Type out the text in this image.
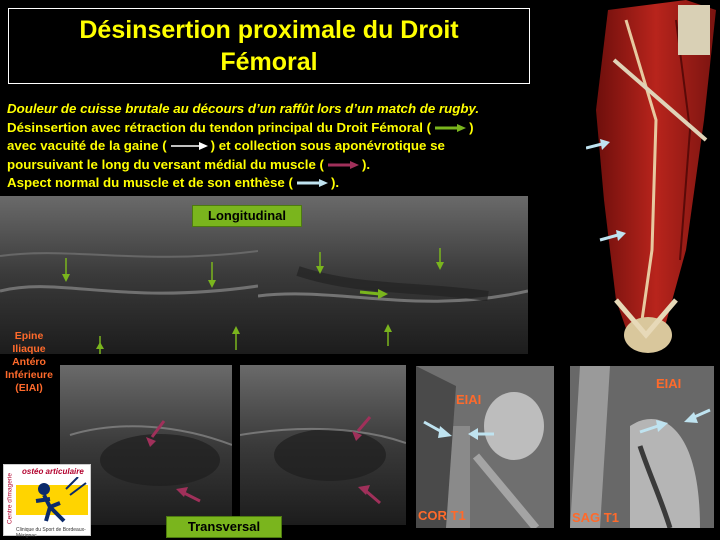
Désinsertion proximale du Droit
Fémoral
Douleur de cuisse brutale au décours d’un raffût lors d’un match de rugby.
Désinsertion avec rétraction du tendon principal du Droit Fémoral (	)
avec vacuité de la gaine (	) et collection sous aponévrotique se
poursuivant le long du versant médial du muscle (	).
Aspect normal du muscle et de son enthèse (	).
Longitudinal
Epine
Iliaque
Antéro
Inférieure
(EIAI)
Transversal
EIAI
COR T1
EIAI
SAG T1
ostéo articulaire
Centre d'imagerie
Clinique du Sport de Bordeaux-Mérignac
